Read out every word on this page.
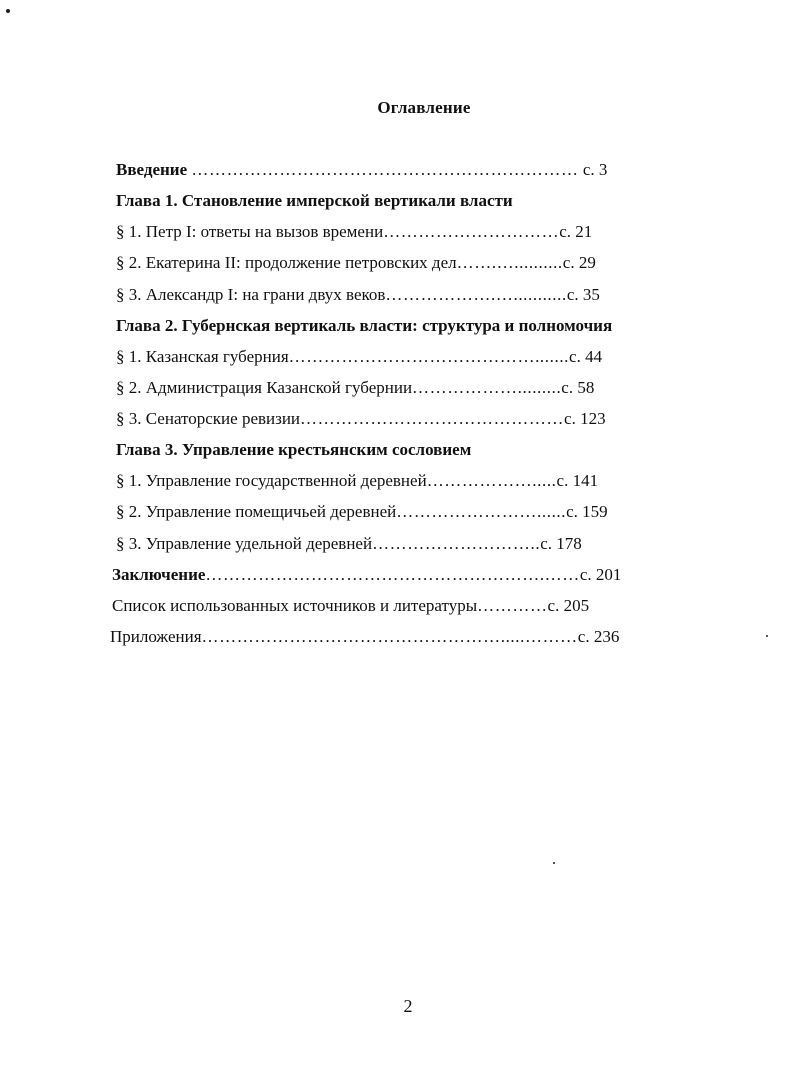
Оглавление
Введение ………………………………………………………… с. 3
Глава 1. Становление имперской вертикали власти
§ 1. Петр I: ответы на вызов времени…………………………с. 21
§ 2. Екатерина II: продолжение петровских дел…….…..........с. 29
§ 3. Александр I: на грани двух веков……………….…...........с. 35
Глава 2. Губернская вертикаль власти: структура и полномочия
§ 1. Казанская губерния…………………………………….......с. 44
§ 2. Администрация Казанской губернии……………….........с. 58
§ 3. Сенаторские ревизии………………………………………с. 123
Глава 3. Управление крестьянским сословием
§ 1. Управление государственной деревней……………….....с. 141
§ 2. Управление помещичьей деревней……………………......с. 159
§ 3. Управление удельной деревней………………………..с. 178
Заключение………………………………………………….……с. 201
Список использованных источников и литературы…………с. 205
Приложения…………………………………………….....………с. 236
2
